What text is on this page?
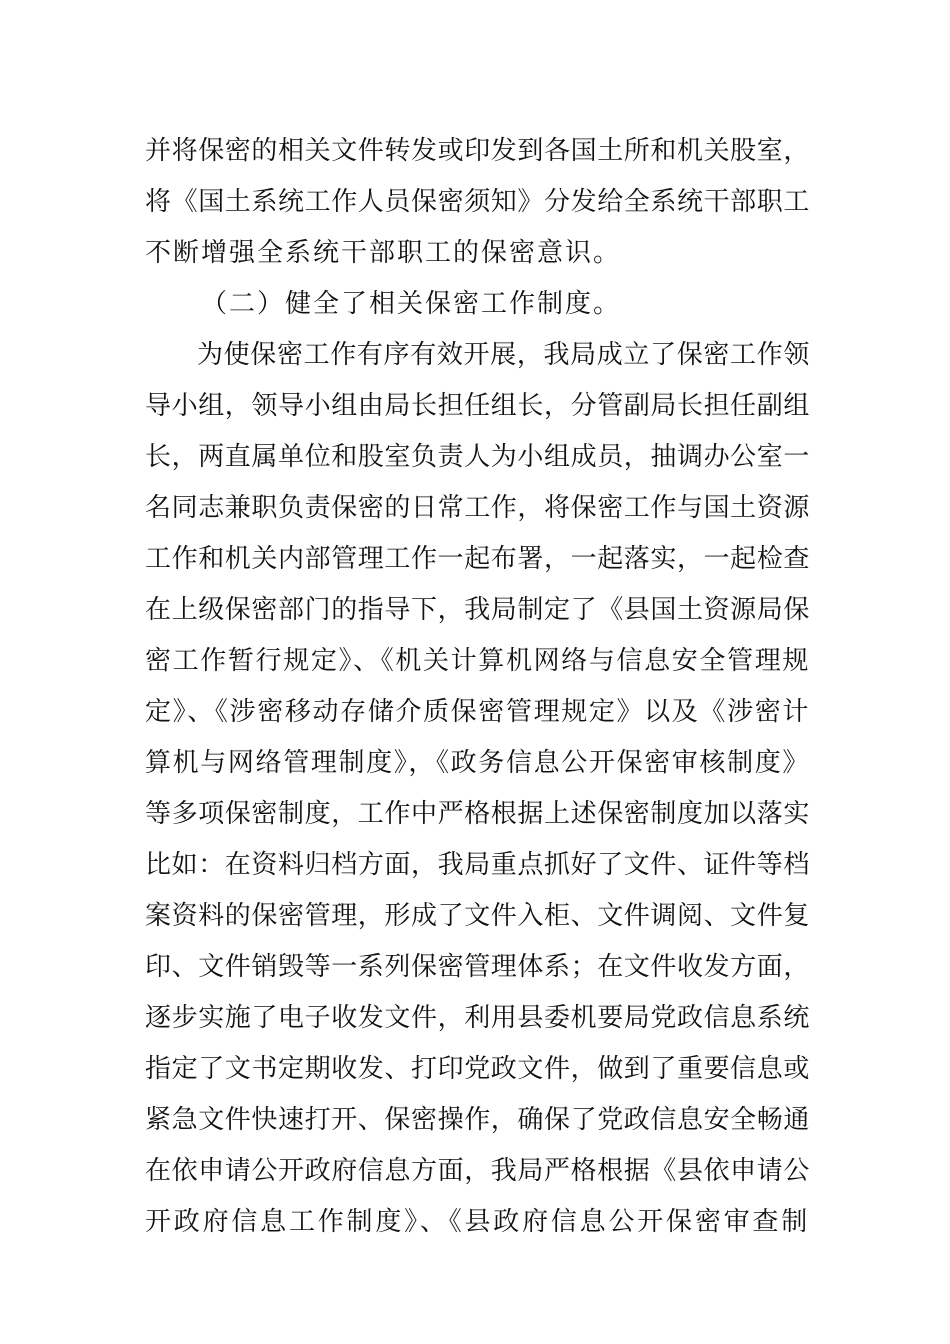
并将保密的相关文件转发或印发到各国土所和机关股室，
将《国土系统工作人员保密须知》分发给全系统干部职工
不断增强全系统干部职工的保密意识。
（二）健全了相关保密工作制度。
为使保密工作有序有效开展，我局成立了保密工作领
导小组，领导小组由局长担任组长，分管副局长担任副组
长，两直属单位和股室负责人为小组成员，抽调办公室一
名同志兼职负责保密的日常工作，将保密工作与国土资源
工作和机关内部管理工作一起布署，一起落实，一起检查
在上级保密部门的指导下，我局制定了《县国土资源局保
密工作暂行规定》、《机关计算机网络与信息安全管理规
定》、《涉密移动存储介质保密管理规定》以及《涉密计
算机与网络管理制度》，《政务信息公开保密审核制度》
等多项保密制度，工作中严格根据上述保密制度加以落实
比如：在资料归档方面，我局重点抓好了文件、证件等档
案资料的保密管理，形成了文件入柜、文件调阅、文件复
印、文件销毁等一系列保密管理体系；在文件收发方面，
逐步实施了电子收发文件，利用县委机要局党政信息系统
指定了文书定期收发、打印党政文件，做到了重要信息或
紧急文件快速打开、保密操作，确保了党政信息安全畅通
在依申请公开政府信息方面，我局严格根据《县依申请公
开政府信息工作制度》、《县政府信息公开保密审查制
